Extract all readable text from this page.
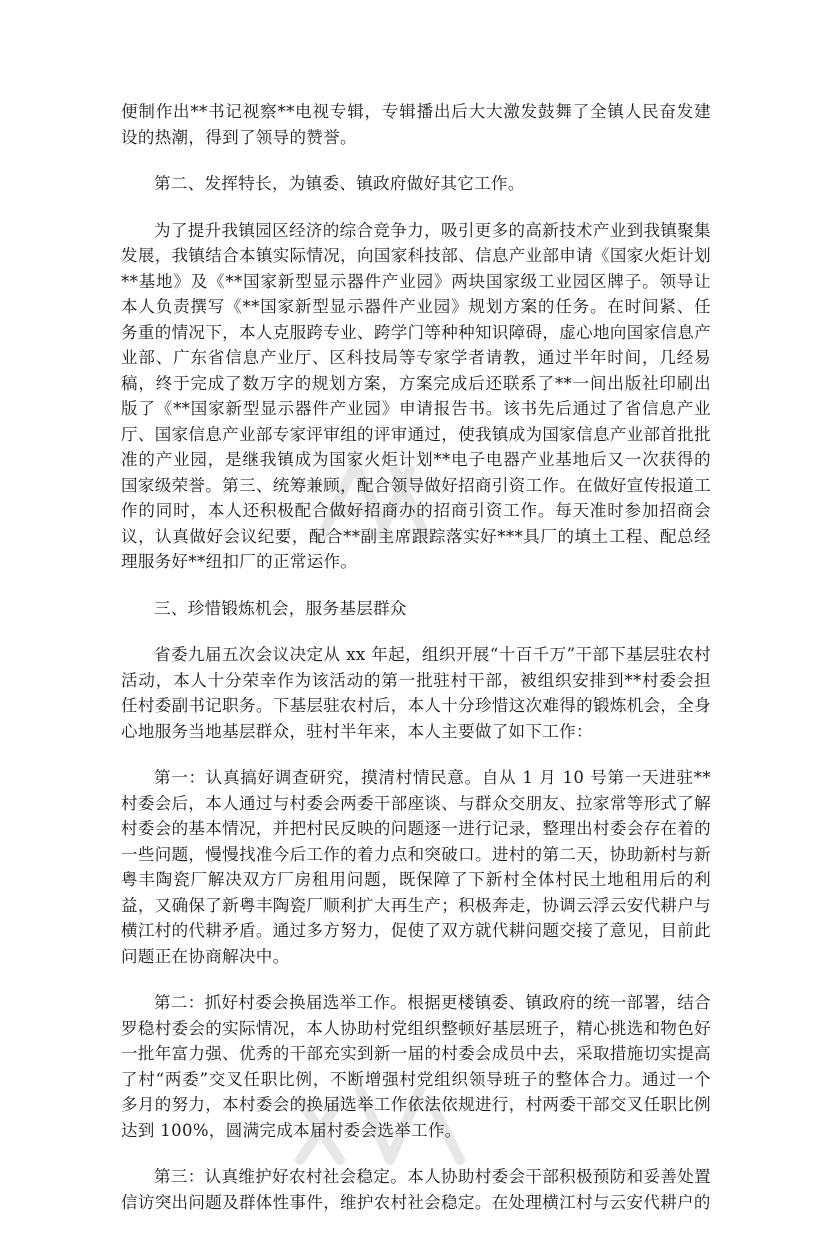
便制作出**书记视察**电视专辑，专辑播出后大大激发鼓舞了全镇人民奋发建设的热潮，得到了领导的赞誉。

第二、发挥特长，为镇委、镇政府做好其它工作。

为了提升我镇园区经济的综合竞争力，吸引更多的高新技术产业到我镇聚集发展，我镇结合本镇实际情况，向国家科技部、信息产业部申请《国家火炬计划**基地》及《**国家新型显示器件产业园》两块国家级工业园区牌子。领导让本人负责撰写《**国家新型显示器件产业园》规划方案的任务。在时间紧、任务重的情况下，本人克服跨专业、跨学门等种种知识障碍，虚心地向国家信息产业部、广东省信息产业厅、区科技局等专家学者请教，通过半年时间，几经易稿，终于完成了数万字的规划方案，方案完成后还联系了**一间出版社印刷出版了《**国家新型显示器件产业园》申请报告书。该书先后通过了省信息产业厅、国家信息产业部专家评审组的评审通过，使我镇成为国家信息产业部首批批准的产业园，是继我镇成为国家火炬计划**电子电器产业基地后又一次获得的国家级荣誉。第三、统筹兼顾，配合领导做好招商引资工作。在做好宣传报道工作的同时，本人还积极配合做好招商办的招商引资工作。每天准时参加招商会议，认真做好会议纪要，配合**副主席跟踪落实好***具厂的填土工程、配总经理服务好**纽扣厂的正常运作。

三、珍惜锻炼机会，服务基层群众

省委九届五次会议决定从 xx 年起，组织开展“十百千万”干部下基层驻农村活动，本人十分荣幸作为该活动的第一批驻村干部，被组织安排到**村委会担任村委副书记职务。下基层驻农村后，本人十分珍惜这次难得的锻炼机会，全身心地服务当地基层群众，驻村半年来，本人主要做了如下工作：

第一：认真搞好调查研究，摸清村情民意。自从 1 月 10 号第一天进驻**村委会后，本人通过与村委会两委干部座谈、与群众交朋友、拉家常等形式了解村委会的基本情况，并把村民反映的问题逐一进行记录，整理出村委会存在着的一些问题，慢慢找准今后工作的着力点和突破口。进村的第二天，协助新村与新粤丰陶瓷厂解决双方厂房租用问题，既保障了下新村全体村民土地租用后的利益，又确保了新粤丰陶瓷厂顺利扩大再生产；积极奔走，协调云浮云安代耕户与横江村的代耕矛盾。通过多方努力，促使了双方就代耕问题交接了意见，目前此问题正在协商解决中。

第二：抓好村委会换届选举工作。根据更楼镇委、镇政府的统一部署，结合罗稳村委会的实际情况，本人协助村党组织整顿好基层班子，精心挑选和物色好一批年富力强、优秀的干部充实到新一届的村委会成员中去，采取措施切实提高了村“两委”交叉任职比例，不断增强村党组织领导班子的整体合力。通过一个多月的努力，本村委会的换届选举工作依法依规进行，村两委干部交叉任职比例达到 100%，圆满完成本届村委会选举工作。

第三：认真维护好农村社会稳定。本人协助村委会干部积极预防和妥善处置信访突出问题及群体性事件，维护农村社会稳定。在处理横江村与云安代耕户的
